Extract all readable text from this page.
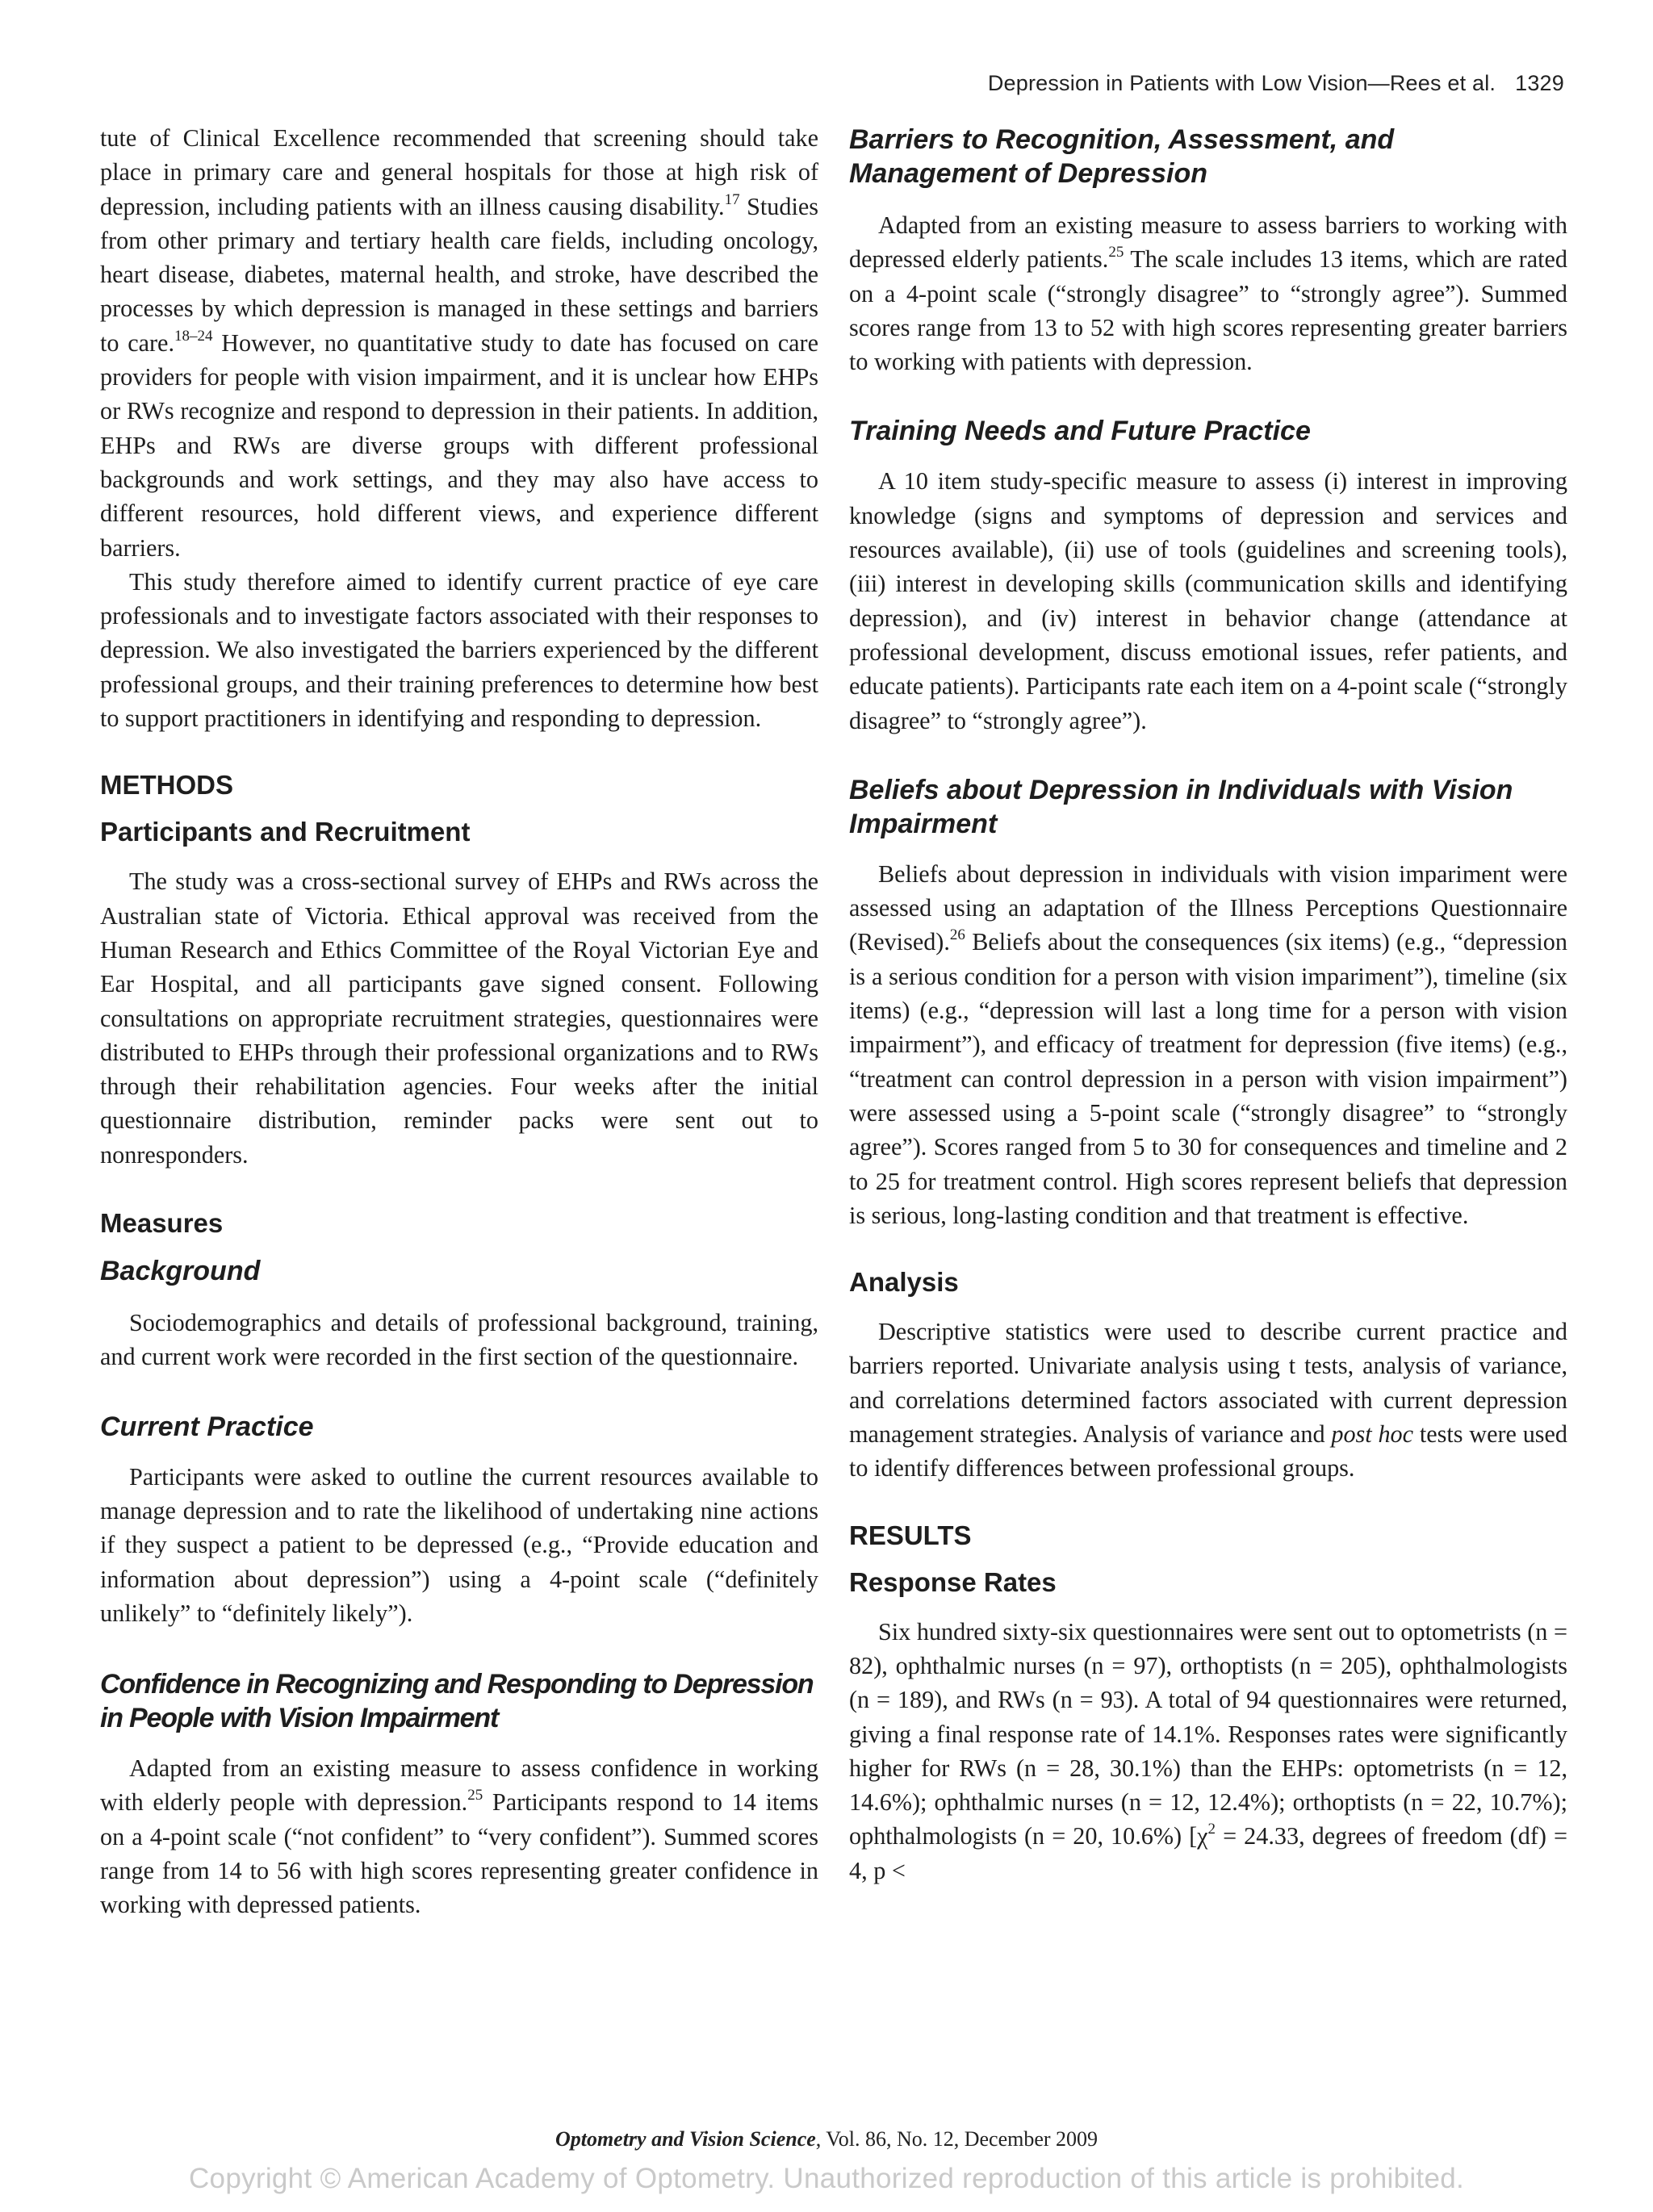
Depression in Patients with Low Vision—Rees et al. 1329

tute of Clinical Excellence recommended that screening should take place in primary care and general hospitals for those at high risk of depression, including patients with an illness causing disability.$^{17}$ Studies from other primary and tertiary health care fields, including oncology, heart disease, diabetes, maternal health, and stroke, have described the processes by which depression is managed in these settings and barriers to care.$^{18-24}$ However, no quantitative study to date has focused on care providers for people with vision impairment, and it is unclear how EHPs or RWs recognize and respond to depression in their patients. In addition, EHPs and RWs are diverse groups with different professional backgrounds and work settings, and they may also have access to different resources, hold different views, and experience different barriers.

This study therefore aimed to identify current practice of eye care professionals and to investigate factors associated with their responses to depression. We also investigated the barriers experienced by the different professional groups, and their training preferences to determine how best to support practitioners in identifying and responding to depression.

METHODS
Participants and Recruitment

The study was a cross-sectional survey of EHPs and RWs across the Australian state of Victoria. Ethical approval was received from the Human Research and Ethics Committee of the Royal Victorian Eye and Ear Hospital, and all participants gave signed consent. Following consultations on appropriate recruitment strategies, questionnaires were distributed to EHPs through their professional organizations and to RWs through their rehabilitation agencies. Four weeks after the initial questionnaire distribution, reminder packs were sent out to nonresponders.

Measures
Background

Sociodemographics and details of professional background, training, and current work were recorded in the first section of the questionnaire.

Current Practice

Participants were asked to outline the current resources available to manage depression and to rate the likelihood of undertaking nine actions if they suspect a patient to be depressed (e.g., “Provide education and information about depression”) using a 4-point scale (“definitely unlikely” to “definitely likely”).

Confidence in Recognizing and Responding to Depression in People with Vision Impairment

Adapted from an existing measure to assess confidence in working with elderly people with depression.$^{25}$ Participants respond to 14 items on a 4-point scale (“not confident” to “very confident”). Summed scores range from 14 to 56 with high scores representing greater confidence in working with depressed patients.

Barriers to Recognition, Assessment, and Management of Depression

Adapted from an existing measure to assess barriers to working with depressed elderly patients.$^{25}$ The scale includes 13 items, which are rated on a 4-point scale (“strongly disagree” to “strongly agree”). Summed scores range from 13 to 52 with high scores representing greater barriers to working with patients with depression.

Training Needs and Future Practice

A 10 item study-specific measure to assess (i) interest in improving knowledge (signs and symptoms of depression and services and resources available), (ii) use of tools (guidelines and screening tools), (iii) interest in developing skills (communication skills and identifying depression), and (iv) interest in behavior change (attendance at professional development, discuss emotional issues, refer patients, and educate patients). Participants rate each item on a 4-point scale (“strongly disagree” to “strongly agree”).

Beliefs about Depression in Individuals with Vision Impairment

Beliefs about depression in individuals with vision impariment were assessed using an adaptation of the Illness Perceptions Questionnaire (Revised).$^{26}$ Beliefs about the consequences (six items) (e.g., “depression is a serious condition for a person with vision impariment”), timeline (six items) (e.g., “depression will last a long time for a person with vision impairment”), and efficacy of treatment for depression (five items) (e.g., “treatment can control depression in a person with vision impairment”) were assessed using a 5-point scale (“strongly disagree” to “strongly agree”). Scores ranged from 5 to 30 for consequences and timeline and 2 to 25 for treatment control. High scores represent beliefs that depression is serious, long-lasting condition and that treatment is effective.

Analysis

Descriptive statistics were used to describe current practice and barriers reported. Univariate analysis using t tests, analysis of variance, and correlations determined factors associated with current depression management strategies. Analysis of variance and post hoc tests were used to identify differences between professional groups.

RESULTS
Response Rates

Six hundred sixty-six questionnaires were sent out to optometrists (n = 82), ophthalmic nurses (n = 97), orthoptists (n = 205), ophthalmologists (n = 189), and RWs (n = 93). A total of 94 questionnaires were returned, giving a final response rate of 14.1%. Responses rates were significantly higher for RWs (n = 28, 30.1%) than the EHPs: optometrists (n = 12, 14.6%); ophthalmic nurses (n = 12, 12.4%); orthoptists (n = 22, 10.7%); ophthalmologists (n = 20, 10.6%) [$\chi^2 = 24.33$, degrees of freedom (df) = 4, p <

Optometry and Vision Science, Vol. 86, No. 12, December 2009
Copyright © American Academy of Optometry. Unauthorized reproduction of this article is prohibited.
